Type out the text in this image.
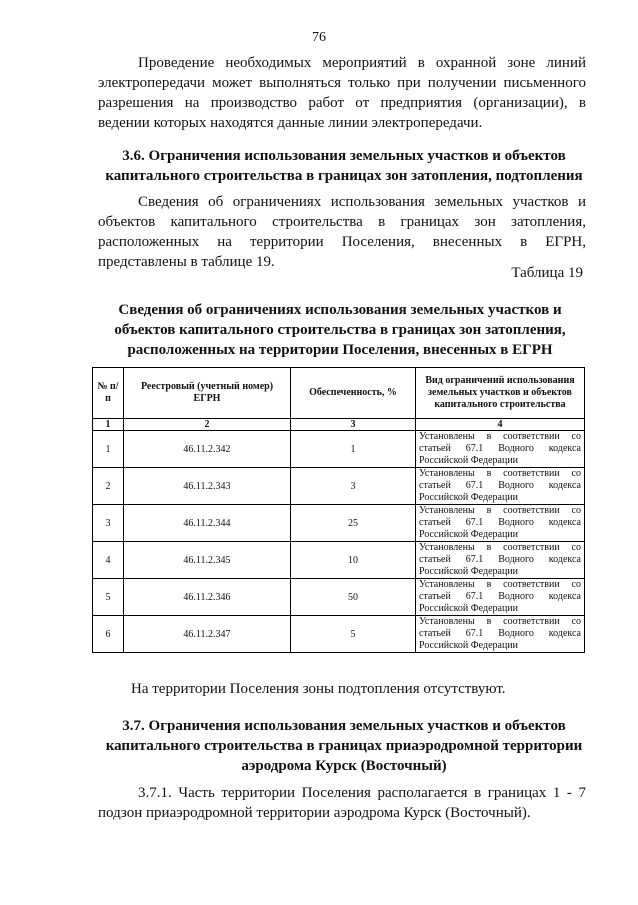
76

Проведение необходимых мероприятий в охранной зоне линий электропередачи может выполняться только при получении письменного разрешения на производство работ от предприятия (организации), в ведении которых находятся данные линии электропередачи.

3.6. Ограничения использования земельных участков и объектов капитального строительства в границах зон затопления, подтопления

Сведения об ограничениях использования земельных участков и объектов капитального строительства в границах зон затопления, расположенных на территории Поселения, внесенных в ЕГРН, представлены в таблице 19.

Таблица 19
Сведения об ограничениях использования земельных участков и объектов капитального строительства в границах зон затопления, расположенных на территории Поселения, внесенных в ЕГРН
№ п/п	Реестровый (учетный номер) ЕГРН	Обеспеченность, %	Вид ограничений использования земельных участков и объектов капитального строительства
1	2	3	4
1	46.11.2.342	1	Установлены в соответствии со статьей 67.1 Водного кодекса Российской Федерации
2	46.11.2.343	3	Установлены в соответствии со статьей 67.1 Водного кодекса Российской Федерации
3	46.11.2.344	25	Установлены в соответствии со статьей 67.1 Водного кодекса Российской Федерации
4	46.11.2.345	10	Установлены в соответствии со статьей 67.1 Водного кодекса Российской Федерации
5	46.11.2.346	50	Установлены в соответствии со статьей 67.1 Водного кодекса Российской Федерации
6	46.11.2.347	5	Установлены в соответствии со статьей 67.1 Водного кодекса Российской Федерации
На территории Поселения зоны подтопления отсутствуют.
3.7. Ограничения использования земельных участков и объектов капитального строительства в границах приаэродромной территории аэродрома Курск (Восточный)

3.7.1. Часть территории Поселения располагается в границах 1 - 7 подзон приаэродромной территории аэродрома Курск (Восточный).
